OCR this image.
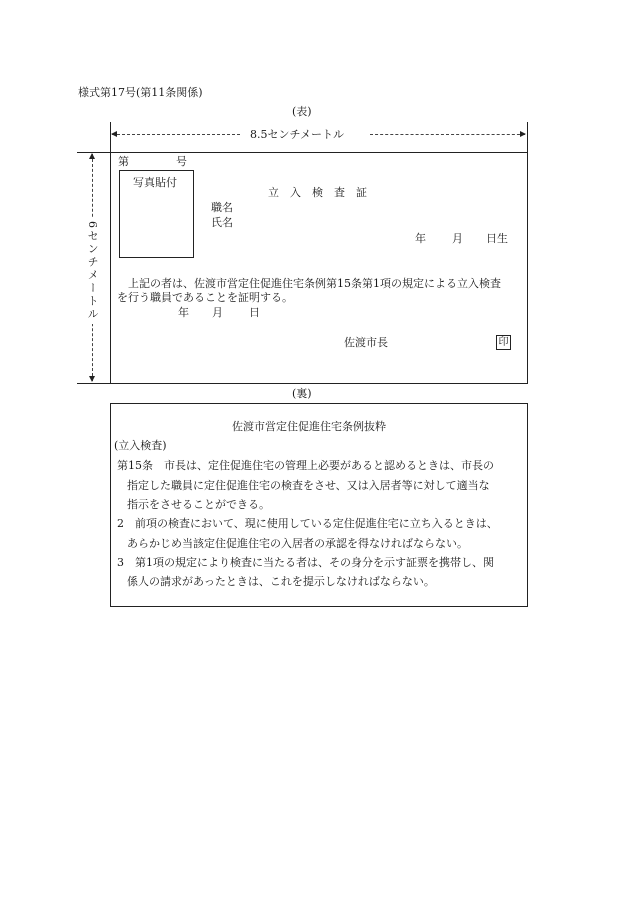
様式第17号(第11条関係)
(表)
8.5センチメートル
6センチメートル
第	号
写真貼付
立　入　検　査　証
職名
氏名
年 月 日生
上記の者は、佐渡市営定住促進住宅条例第15条第1項の規定による立入検査
を行う職員であることを証明する。
年 月 日
佐渡市長	印
(裏)
佐渡市営定住促進住宅条例抜粋
(立入検査)
第15条　市長は、定住促進住宅の管理上必要があると認めるときは、市長の
指定した職員に定住促進住宅の検査をさせ、又は入居者等に対して適当な
指示をさせることができる。
2　前項の検査において、現に使用している定住促進住宅に立ち入るときは、
あらかじめ当該定住促進住宅の入居者の承認を得なければならない。
3　第1項の規定により検査に当たる者は、その身分を示す証票を携帯し、関
係人の請求があったときは、これを提示しなければならない。
